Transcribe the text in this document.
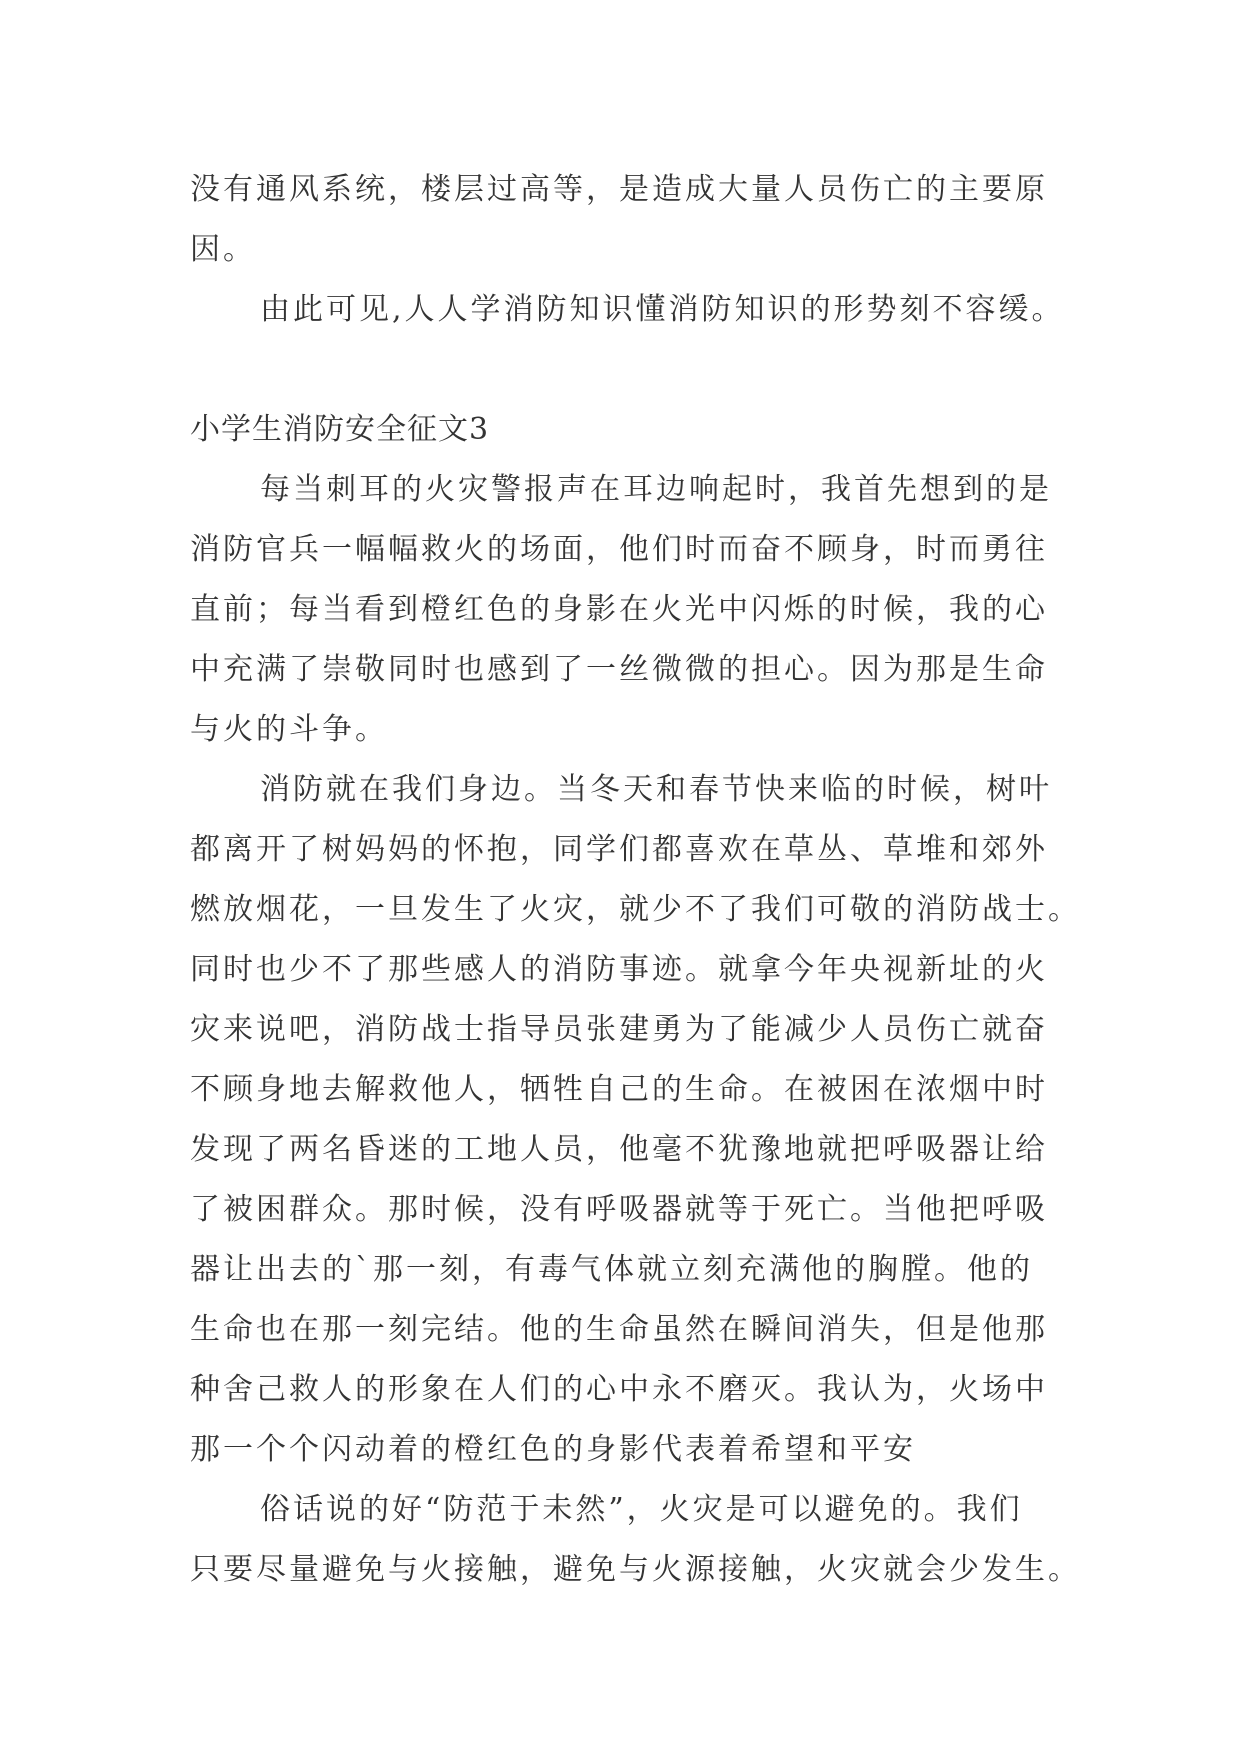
没有通风系统，楼层过高等，是造成大量人员伤亡的主要原
因。
由此可见,人人学消防知识懂消防知识的形势刻不容缓。
小学生消防安全征文3
每当刺耳的火灾警报声在耳边响起时，我首先想到的是
消防官兵一幅幅救火的场面，他们时而奋不顾身，时而勇往
直前；每当看到橙红色的身影在火光中闪烁的时候，我的心
中充满了崇敬同时也感到了一丝微微的担心。因为那是生命
与火的斗争。
消防就在我们身边。当冬天和春节快来临的时候，树叶
都离开了树妈妈的怀抱，同学们都喜欢在草丛、草堆和郊外
燃放烟花，一旦发生了火灾，就少不了我们可敬的消防战士。
同时也少不了那些感人的消防事迹。就拿今年央视新址的火
灾来说吧，消防战士指导员张建勇为了能减少人员伤亡就奋
不顾身地去解救他人，牺牲自己的生命。在被困在浓烟中时
发现了两名昏迷的工地人员，他毫不犹豫地就把呼吸器让给
了被困群众。那时候，没有呼吸器就等于死亡。当他把呼吸
器让出去的`那一刻，有毒气体就立刻充满他的胸膛。他的
生命也在那一刻完结。他的生命虽然在瞬间消失，但是他那
种舍己救人的形象在人们的心中永不磨灭。我认为，火场中
那一个个闪动着的橙红色的身影代表着希望和平安
俗话说的好“防范于未然”，火灾是可以避免的。我们
只要尽量避免与火接触，避免与火源接触，火灾就会少发生。
